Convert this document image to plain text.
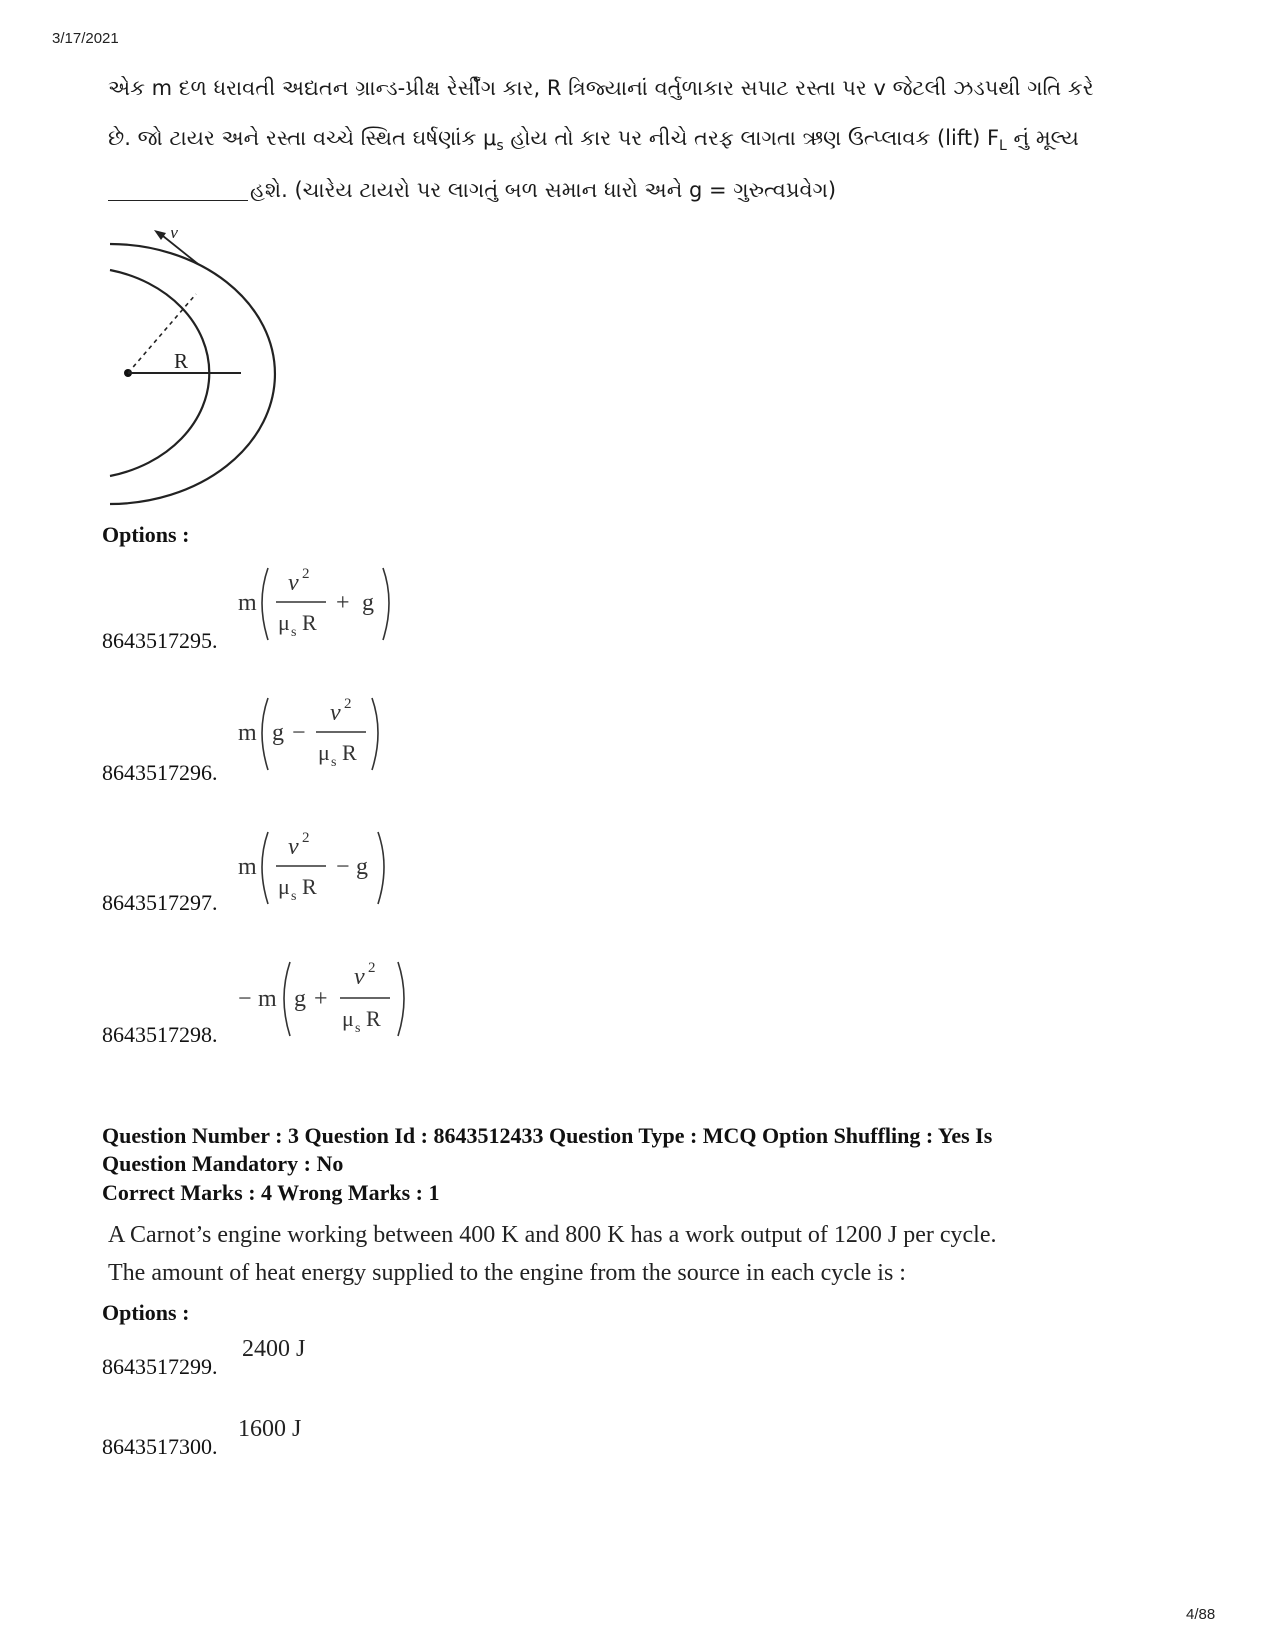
3/17/2021
એક m દળ ધરાવતી અદ્યતન ગ્રાન્ડ-પ્રીક્ષ રેર્સીંગ કાર, R ત્રિજ્યાનાં વર્તુળાકાર સપાટ રસ્તા પર v જેટલી ઝડપથી ગતિ કરે
છે. જો ટાયર અને રસ્તા વચ્ચે સ્થિત ઘર્ષણાંક $\mu_s$ હોય તો કાર પર નીચે તરફ લાગતા ઋણ ઉત્પ્લાવક (lift) $F_L$ નું મૂલ્ય
હશે. (ચારેય ટાયરો પર લાગતું બળ સમાન ધારો અને g = ગુરુત્વપ્રવેગ)
v
R
Options :
8643517295.
m
v 2
μ s R
+ g
8643517296.
m g −
v 2
μ s R
8643517297.
m
v 2
μ s R
− g
8643517298.
− m g +
v 2
μ s R
Question Number : 3 Question Id : 8643512433 Question Type : MCQ Option Shuffling : Yes Is
Question Mandatory : No
Correct Marks : 4 Wrong Marks : 1
A Carnot’s engine working between 400 K and 800 K has a work output of 1200 J per cycle.
The amount of heat energy supplied to the engine from the source in each cycle is :
Options :
8643517299.
2400 J
8643517300.
1600 J
4/88
